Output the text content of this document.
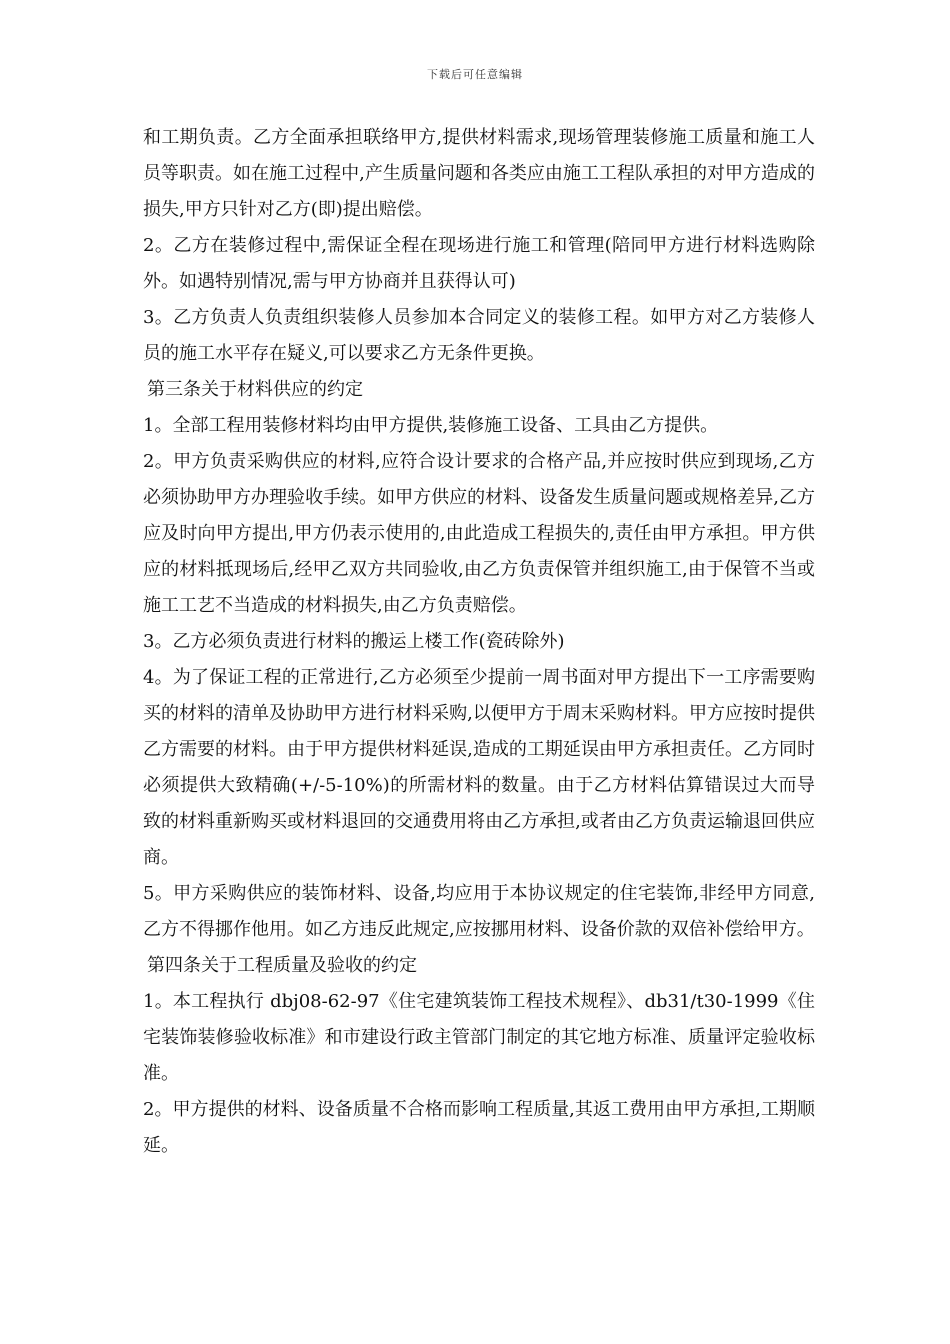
下载后可任意编辑

和工期负责。乙方全面承担联络甲方,提供材料需求,现场管理装修施工质量和施工人员等职责。如在施工过程中,产生质量问题和各类应由施工工程队承担的对甲方造成的损失,甲方只针对乙方(即)提出赔偿。

2。乙方在装修过程中,需保证全程在现场进行施工和管理(陪同甲方进行材料选购除外。如遇特别情况,需与甲方协商并且获得认可)

3。乙方负责人负责组织装修人员参加本合同定义的装修工程。如甲方对乙方装修人员的施工水平存在疑义,可以要求乙方无条件更换。

第三条关于材料供应的约定

1。全部工程用装修材料均由甲方提供,装修施工设备、工具由乙方提供。

2。甲方负责采购供应的材料,应符合设计要求的合格产品,并应按时供应到现场,乙方必须协助甲方办理验收手续。如甲方供应的材料、设备发生质量问题或规格差异,乙方应及时向甲方提出,甲方仍表示使用的,由此造成工程损失的,责任由甲方承担。甲方供应的材料抵现场后,经甲乙双方共同验收,由乙方负责保管并组织施工,由于保管不当或施工工艺不当造成的材料损失,由乙方负责赔偿。

3。乙方必须负责进行材料的搬运上楼工作(瓷砖除外)

4。为了保证工程的正常进行,乙方必须至少提前一周书面对甲方提出下一工序需要购买的材料的清单及协助甲方进行材料采购,以便甲方于周末采购材料。甲方应按时提供乙方需要的材料。由于甲方提供材料延误,造成的工期延误由甲方承担责任。乙方同时必须提供大致精确(+/-5-10%)的所需材料的数量。由于乙方材料估算错误过大而导致的材料重新购买或材料退回的交通费用将由乙方承担,或者由乙方负责运输退回供应商。

5。甲方采购供应的装饰材料、设备,均应用于本协议规定的住宅装饰,非经甲方同意,乙方不得挪作他用。如乙方违反此规定,应按挪用材料、设备价款的双倍补偿给甲方。

第四条关于工程质量及验收的约定

1。本工程执行 dbj08-62-97《住宅建筑装饰工程技术规程》、db31/t30-1999《住宅装饰装修验收标准》和市建设行政主管部门制定的其它地方标准、质量评定验收标准。

2。甲方提供的材料、设备质量不合格而影响工程质量,其返工费用由甲方承担,工期顺延。
